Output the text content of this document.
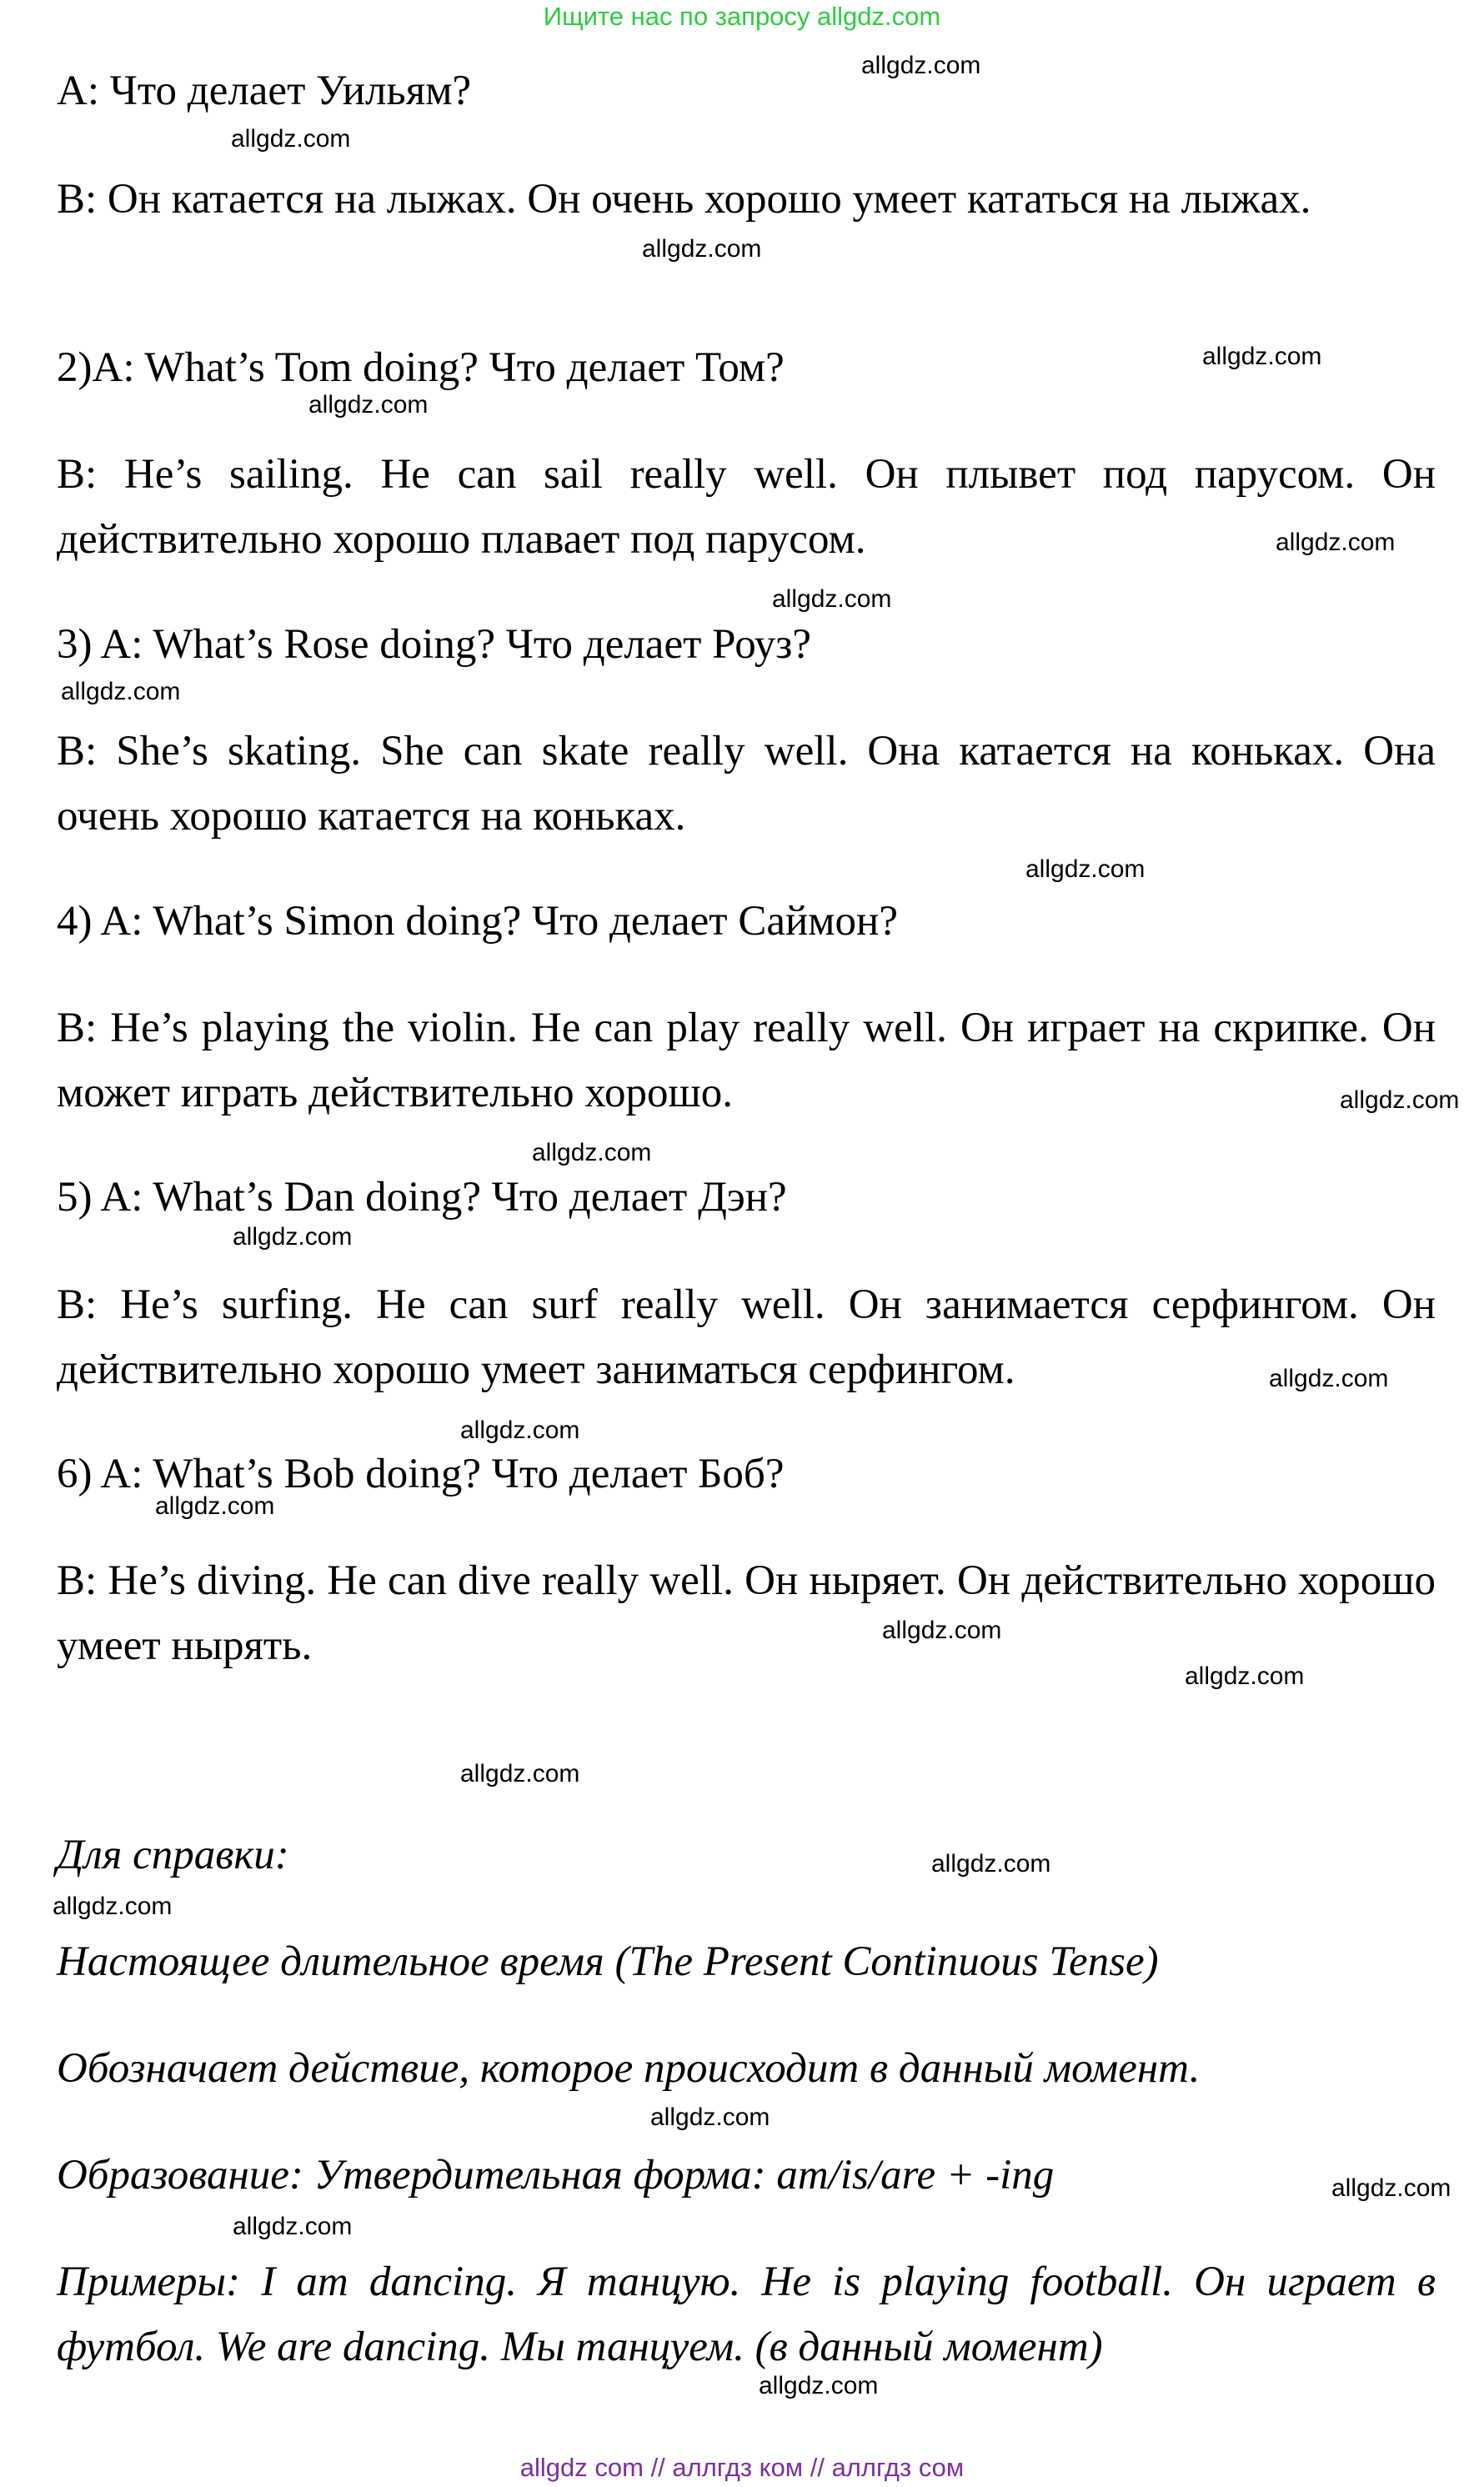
Ищите нас по запросу allgdz.com

A: Что делает Уильям?

B: Он катается на лыжах. Он очень хорошо умеет кататься на лыжах.

2)A: What’s Tom doing? Что делает Том?

B: He’s sailing. He can sail really well. Он плывет под парусом. Он действительно хорошо плавает под парусом.

3) A: What’s Rose doing? Что делает Роуз?

B: She’s skating. She can skate really well. Она катается на коньках. Она очень хорошо катается на коньках.

4) A: What’s Simon doing? Что делает Саймон?

B: He’s playing the violin. He can play really well. Он играет на скрипке. Он может играть действительно хорошо.

5) A: What’s Dan doing? Что делает Дэн?

B: He’s surfing. He can surf really well. Он занимается серфингом. Он действительно хорошо умеет заниматься серфингом.

6) A: What’s Bob doing? Что делает Боб?

B: He’s diving. He can dive really well. Он ныряет. Он действительно хорошо умеет нырять.

Для справки:

Настоящее длительное время (The Present Continuous Tense)

Обозначает действие, которое происходит в данный момент.

Образование: Утвердительная форма: am/is/are + -ing

Примеры: I am dancing. Я танцую. He is playing football. Он играет в футбол. We are dancing. Мы танцуем. (в данный момент)

allgdz.com
allgdz.com
allgdz.com
allgdz.com
allgdz.com
allgdz.com
allgdz.com
allgdz.com
allgdz.com
allgdz.com
allgdz.com
allgdz.com
allgdz.com
allgdz.com
allgdz.com
allgdz.com
allgdz.com
allgdz.com
allgdz.com
allgdz.com
allgdz.com
allgdz.com
allgdz.com
allgdz.com
allgdz com // аллгдз ком // аллгдз сом
